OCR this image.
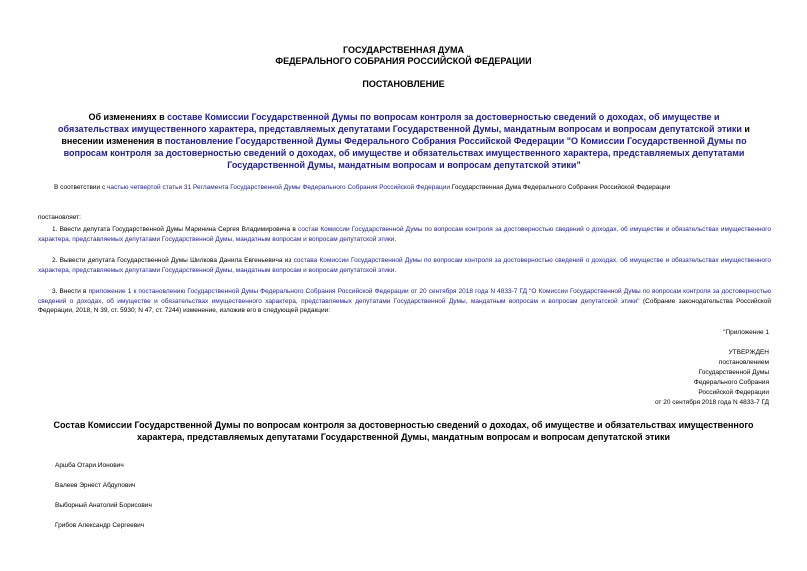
ГОСУДАРСТВЕННАЯ ДУМА
ФЕДЕРАЛЬНОГО СОБРАНИЯ РОССИЙСКОЙ ФЕДЕРАЦИИ
ПОСТАНОВЛЕНИЕ
Об изменениях в составе Комиссии Государственной Думы по вопросам контроля за достоверностью сведений о доходах, об имуществе и обязательствах имущественного характера, представляемых депутатами Государственной Думы, мандатным вопросам и вопросам депутатской этики и внесении изменения в постановление Государственной Думы Федерального Собрания Российской Федерации "О Комиссии Государственной Думы по вопросам контроля за достоверностью сведений о доходах, об имуществе и обязательствах имущественного характера, представляемых депутатами Государственной Думы, мандатным вопросам и вопросам депутатской этики"
В соответствии с частью четвертой статьи 31 Регламента Государственной Думы Федерального Собрания Российской Федерации Государственная Дума Федерального Собрания Российской Федерации
постановляет:
1. Ввести депутата Государственной Думы Маринина Сергея Владимировича в состав Комиссии Государственной Думы по вопросам контроля за достоверностью сведений о доходах, об имуществе и обязательствах имущественного характера, представляемых депутатами Государственной Думы, мандатным вопросам и вопросам депутатской этики.
2. Вывести депутата Государственной Думы Шилкова Данила Евгеньевича из состава Комиссии Государственной Думы по вопросам контроля за достоверностью сведений о доходах, об имуществе и обязательствах имущественного характера, представляемых депутатами Государственной Думы, мандатным вопросам и вопросам депутатской этики.
3. Внести в приложение 1 к постановлению Государственной Думы Федерального Собрания Российской Федерации от 20 сентября 2018 года N 4833-7 ГД "О Комиссии Государственной Думы по вопросам контроля за достоверностью сведений о доходах, об имуществе и обязательствах имущественного характера, представляемых депутатами Государственной Думы, мандатным вопросам и вопросам депутатской этики" (Собрание законодательства Российской Федерации, 2018, N 39, ст. 5930; N 47, ст. 7244) изменение, изложив его в следующей редакции:
"Приложение 1
УТВЕРЖДЕН
постановлением
Государственной Думы
Федерального Собрания
Российской Федерации
от 20 сентября 2018 года N 4833-7 ГД
Состав Комиссии Государственной Думы по вопросам контроля за достоверностью сведений о доходах, об имуществе и обязательствах имущественного характера, представляемых депутатами Государственной Думы, мандатным вопросам и вопросам депутатской этики
Аршба Отари Ионович
Валеев Эрнест Абдулович
Выборный Анатолий Борисович
Грибов Александр Сергеевич
